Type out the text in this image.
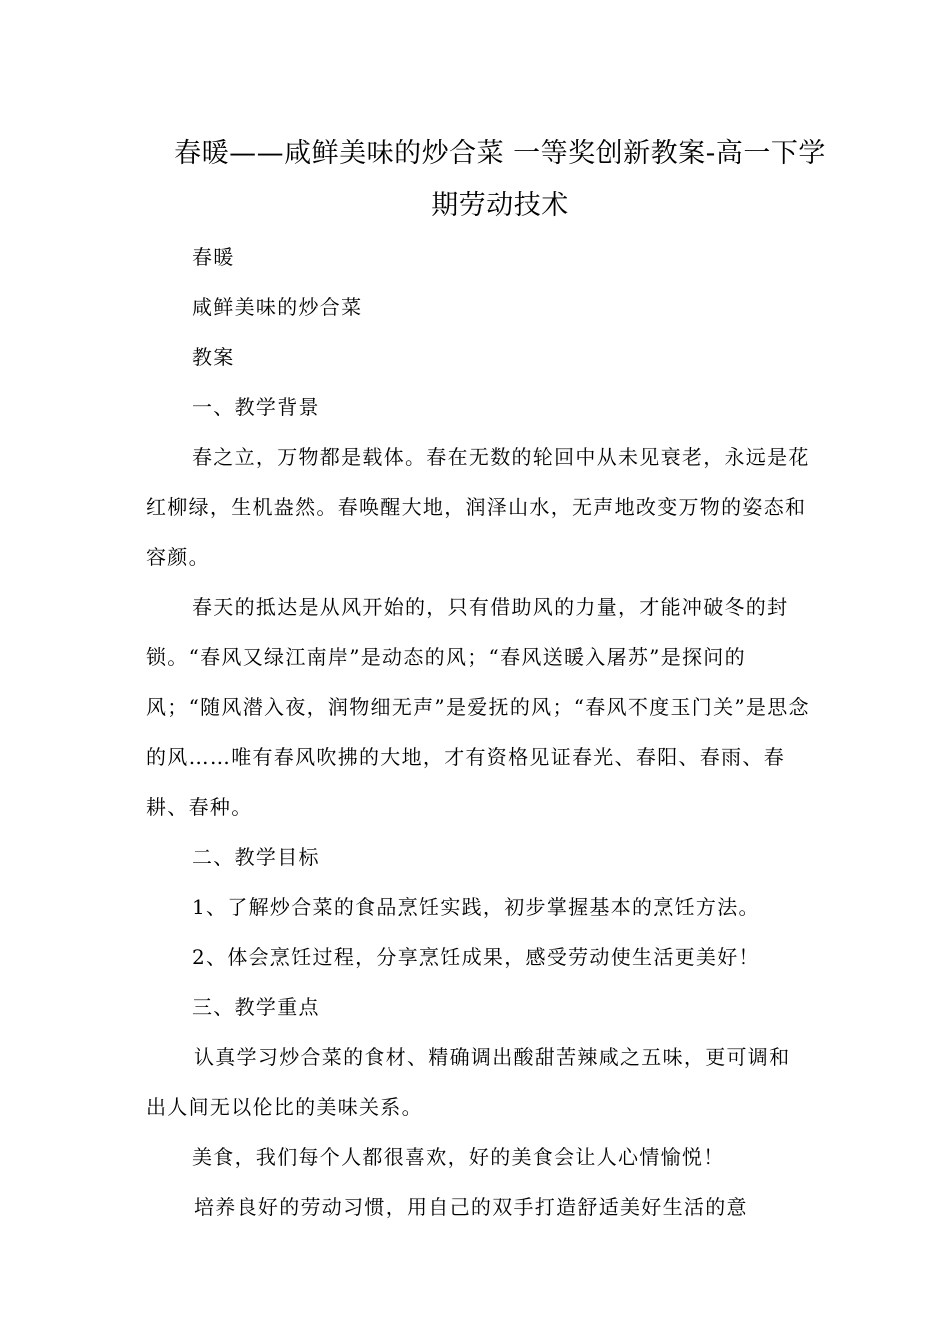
春暖——咸鲜美味的炒合菜 一等奖创新教案-高一下学
期劳动技术

春暖

咸鲜美味的炒合菜

教案

一、教学背景

春之立，万物都是载体。春在无数的轮回中从未见衰老，永远是花红柳绿，生机盎然。春唤醒大地，润泽山水，无声地改变万物的姿态和容颜。

春天的抵达是从风开始的，只有借助风的力量，才能冲破冬的封锁。“春风又绿江南岸”是动态的风；“春风送暖入屠苏”是探问的风；“随风潜入夜，润物细无声”是爱抚的风；“春风不度玉门关”是思念的风……唯有春风吹拂的大地，才有资格见证春光、春阳、春雨、春耕、春种。

二、教学目标

1、了解炒合菜的食品烹饪实践，初步掌握基本的烹饪方法。

2、体会烹饪过程，分享烹饪成果，感受劳动使生活更美好！

三、教学重点

认真学习炒合菜的食材、精确调出酸甜苦辣咸之五味，更可调和出人间无以伦比的美味关系。

美食，我们每个人都很喜欢，好的美食会让人心情愉悦！

培养良好的劳动习惯，用自己的双手打造舒适美好生活的意
